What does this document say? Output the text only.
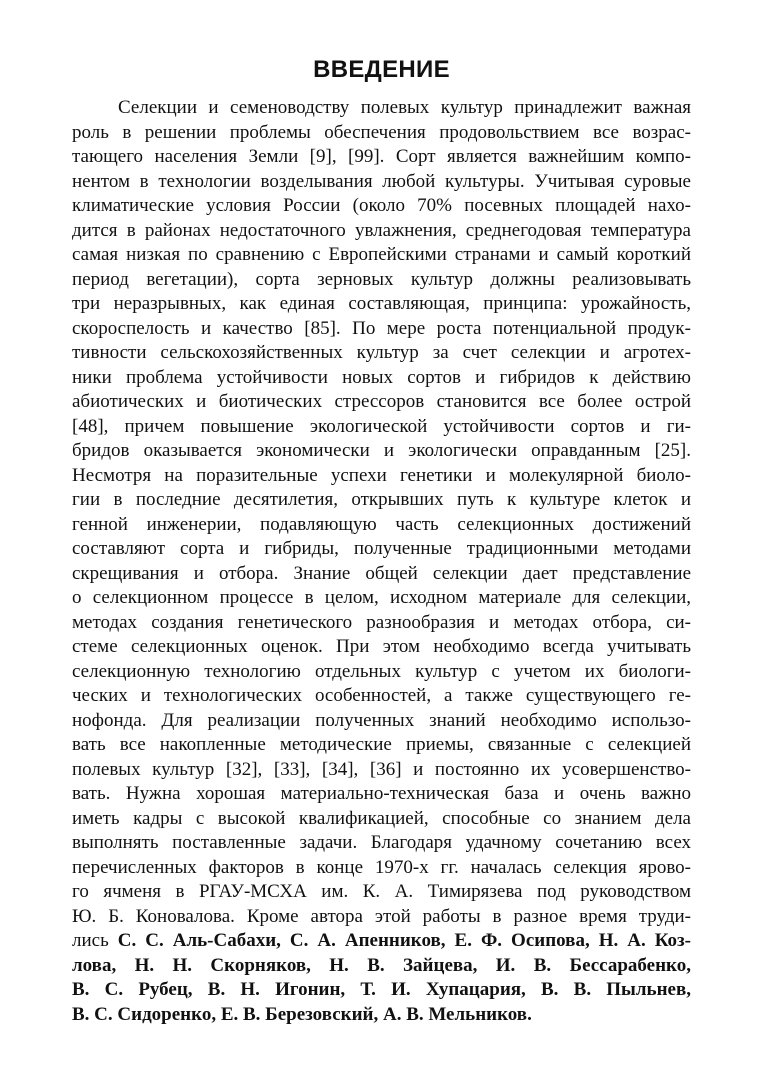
ВВЕДЕНИЕ
Селекции и семеноводству полевых культур принадлежит важная
роль в решении проблемы обеспечения продовольствием все возрас-
тающего населения Земли [9], [99]. Сорт является важнейшим компо-
нентом в технологии возделывания любой культуры. Учитывая суровые
климатические условия России (около 70% посевных площадей нахо-
дится в районах недостаточного увлажнения, среднегодовая температура
самая низкая по сравнению с Европейскими странами и самый короткий
период вегетации), сорта зерновых культур должны реализовывать
три неразрывных, как единая составляющая, принципа: урожайность,
скороспелость и качество [85]. По мере роста потенциальной продук-
тивности сельскохозяйственных культур за счет селекции и агротех-
ники проблема устойчивости новых сортов и гибридов к действию
абиотических и биотических стрессоров становится все более острой
[48], причем повышение экологической устойчивости сортов и ги-
бридов оказывается экономически и экологически оправданным [25].
Несмотря на поразительные успехи генетики и молекулярной биоло-
гии в последние десятилетия, открывших путь к культуре клеток и
генной инженерии, подавляющую часть селекционных достижений
составляют сорта и гибриды, полученные традиционными методами
скрещивания и отбора. Знание общей селекции дает представление
о селекционном процессе в целом, исходном материале для селекции,
методах создания генетического разнообразия и методах отбора, си-
стеме селекционных оценок. При этом необходимо всегда учитывать
селекционную технологию отдельных культур с учетом их биологи-
ческих и технологических особенностей, а также существующего ге-
нофонда. Для реализации полученных знаний необходимо использо-
вать все накопленные методические приемы, связанные с селекцией
полевых культур [32], [33], [34], [36] и постоянно их усовершенство-
вать. Нужна хорошая материально-техническая база и очень важно
иметь кадры с высокой квалификацией, способные со знанием дела
выполнять поставленные задачи. Благодаря удачному сочетанию всех
перечисленных факторов в конце 1970-х гг. началась селекция ярово-
го ячменя в РГАУ-МСХА им. К. А. Тимирязева под руководством
Ю. Б. Коновалова. Кроме автора этой работы в разное время труди-
лись С. С. Аль-Сабахи, С. А. Апенников, Е. Ф. Осипова, Н. А. Коз-
лова, Н. Н. Скорняков, Н. В. Зайцева, И. В. Бессарабенко,
В. С. Рубец, В. Н. Игонин, Т. И. Хупацария, В. В. Пыльнев,
В. С. Сидоренко, Е. В. Березовский, А. В. Мельников.
